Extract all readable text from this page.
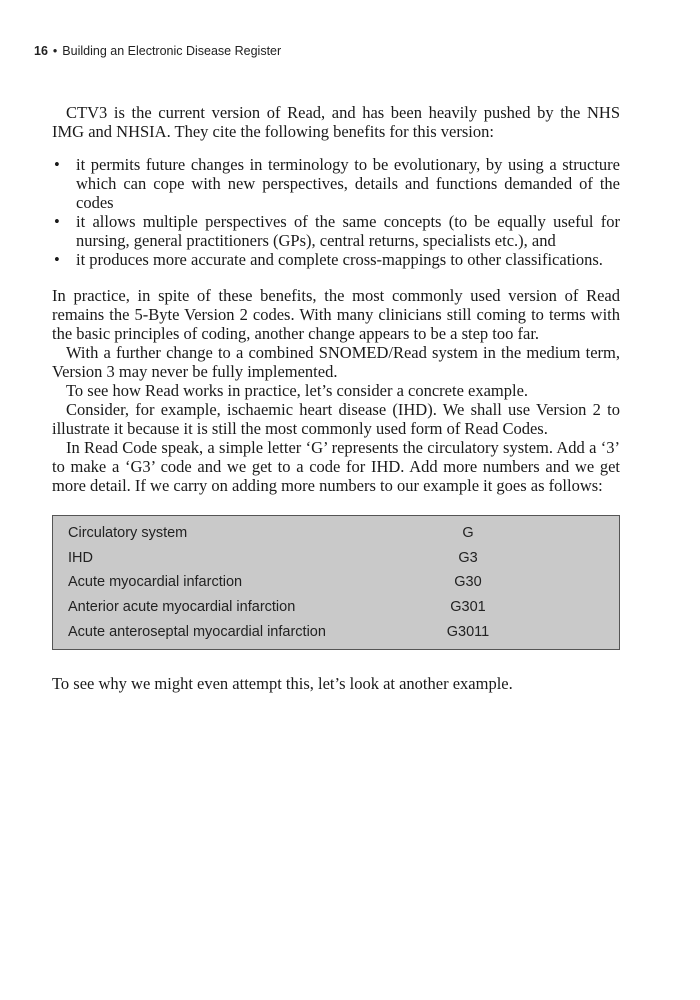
16 • Building an Electronic Disease Register

CTV3 is the current version of Read, and has been heavily pushed by the NHS IMG and NHSIA. They cite the following benefits for this version:

• it permits future changes in terminology to be evolutionary, by using a structure which can cope with new perspectives, details and functions demanded of the codes
• it allows multiple perspectives of the same concepts (to be equally useful for nursing, general practitioners (GPs), central returns, specialists etc.), and
• it produces more accurate and complete cross-mappings to other classifications.

In practice, in spite of these benefits, the most commonly used version of Read remains the 5-Byte Version 2 codes. With many clinicians still coming to terms with the basic principles of coding, another change appears to be a step too far.

With a further change to a combined SNOMED/Read system in the medium term, Version 3 may never be fully implemented.

To see how Read works in practice, let’s consider a concrete example.

Consider, for example, ischaemic heart disease (IHD). We shall use Version 2 to illustrate it because it is still the most commonly used form of Read Codes.

In Read Code speak, a simple letter ‘G’ represents the circulatory system. Add a ‘3’ to make a ‘G3’ code and we get to a code for IHD. Add more numbers and we get more detail. If we carry on adding more numbers to our example it goes as follows:

Circulatory system	G
IHD	G3
Acute myocardial infarction	G30
Anterior acute myocardial infarction	G301
Acute anteroseptal myocardial infarction	G3011

To see why we might even attempt this, let’s look at another example.
